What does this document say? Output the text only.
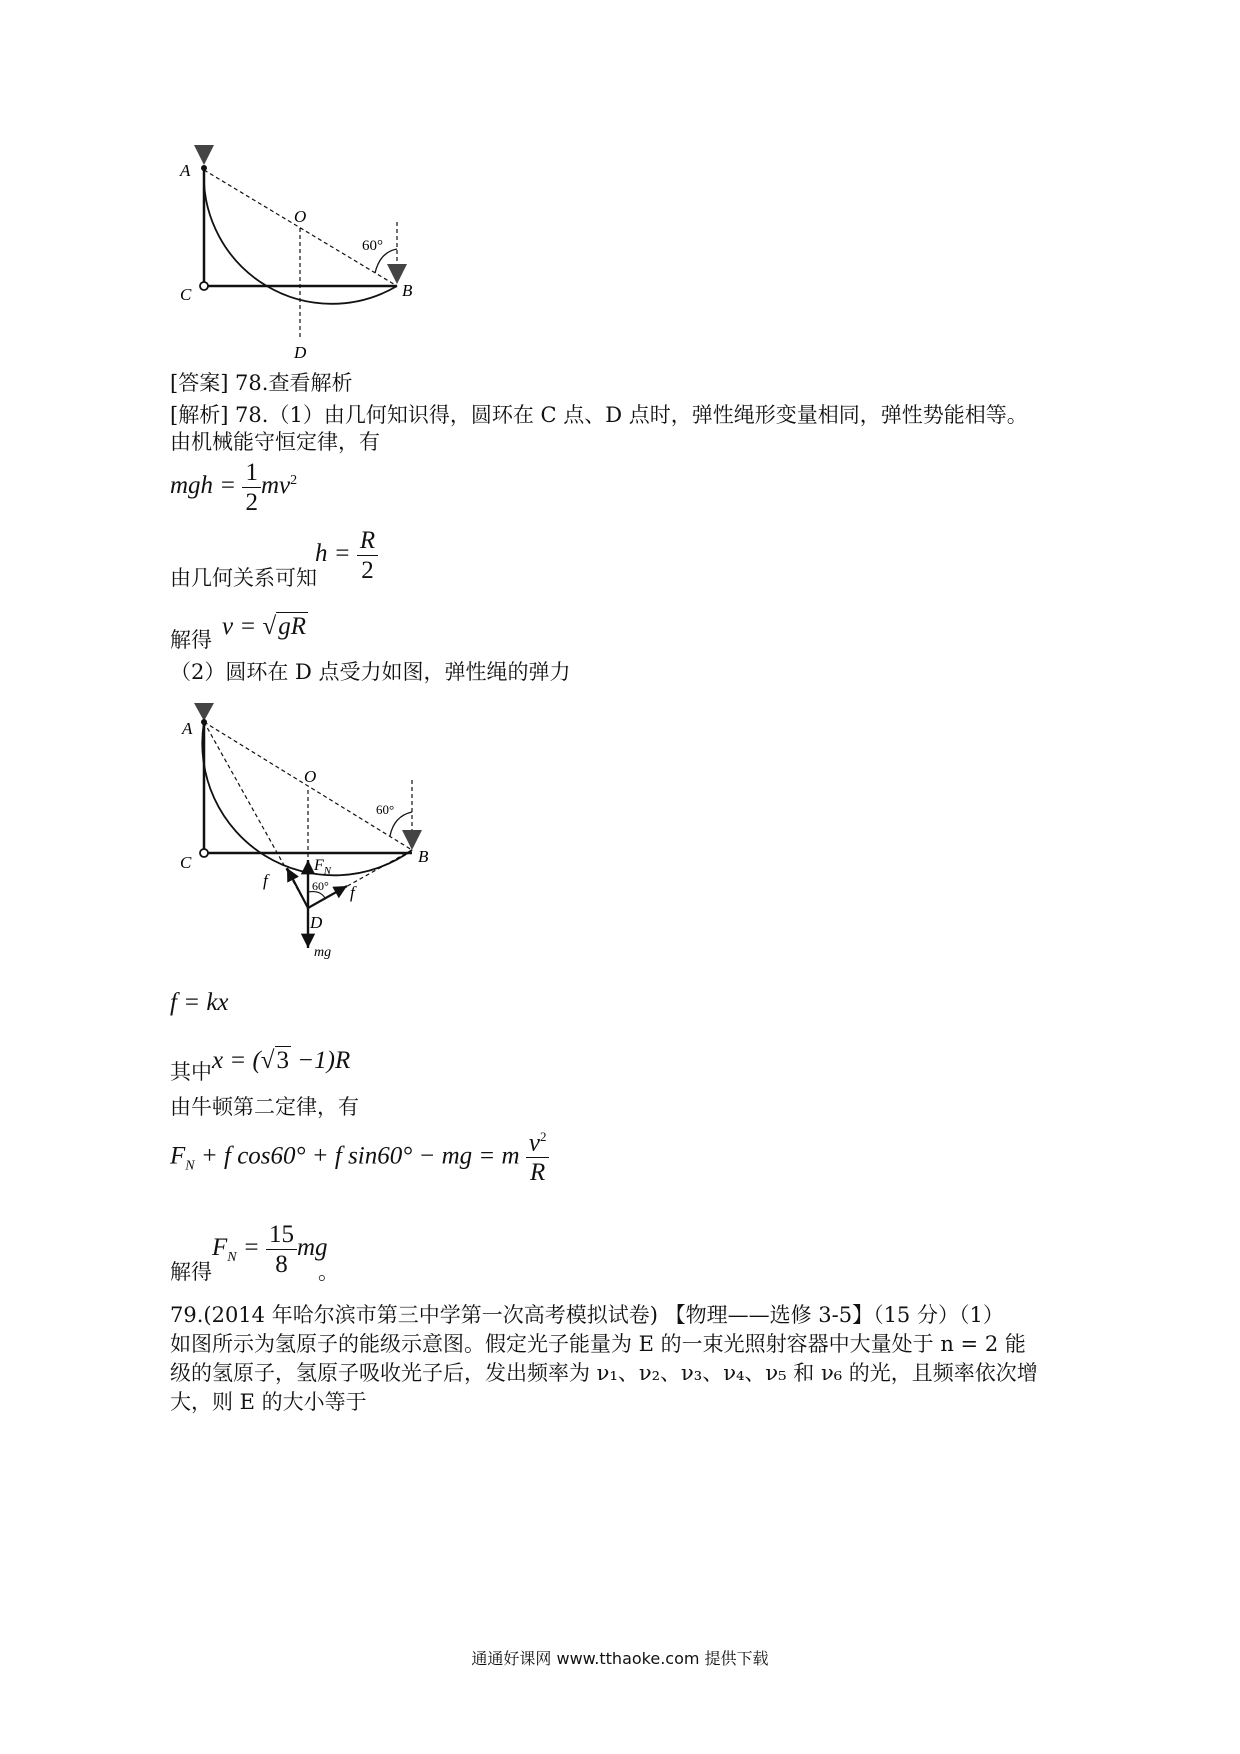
A
O
60°
C	B
D
[答案] 78.查看解析
[解析] 78.（1）由几何知识得，圆环在 C 点、D 点时，弹性绳形变量相同，弹性势能相等。
由机械能守恒定律，有
mgh = $\frac{1}{2} mv^2$
由几何关系可知
$h = \frac{R}{2}$
解得 v = √gR
（2）圆环在 D 点受力如图，弹性绳的弹力
A
O
60°
C	B
$F_N$
60°
f
f
D
mg
f = kx
其中 x = (√3 −1)R
由牛顿第二定律，有
$F_N + f$ cos60° + f sin60° − mg = m $\frac{v^2}{R}$
解得
$F_N = \frac{15}{8}$ mg
。
79.(2014 年哈尔滨市第三中学第一次高考模拟试卷) 【物理——选修 3-5】（15 分）（1）
如图所示为氢原子的能级示意图。假定光子能量为 E 的一束光照射容器中大量处于 n = 2 能
级的氢原子，氢原子吸收光子后，发出频率为 ν₁、ν₂、ν₃、ν₄、ν₅ 和 ν₆ 的光，且频率依次增
大，则 E 的大小等于
通通好课网 www.tthaoke.com 提供下载
